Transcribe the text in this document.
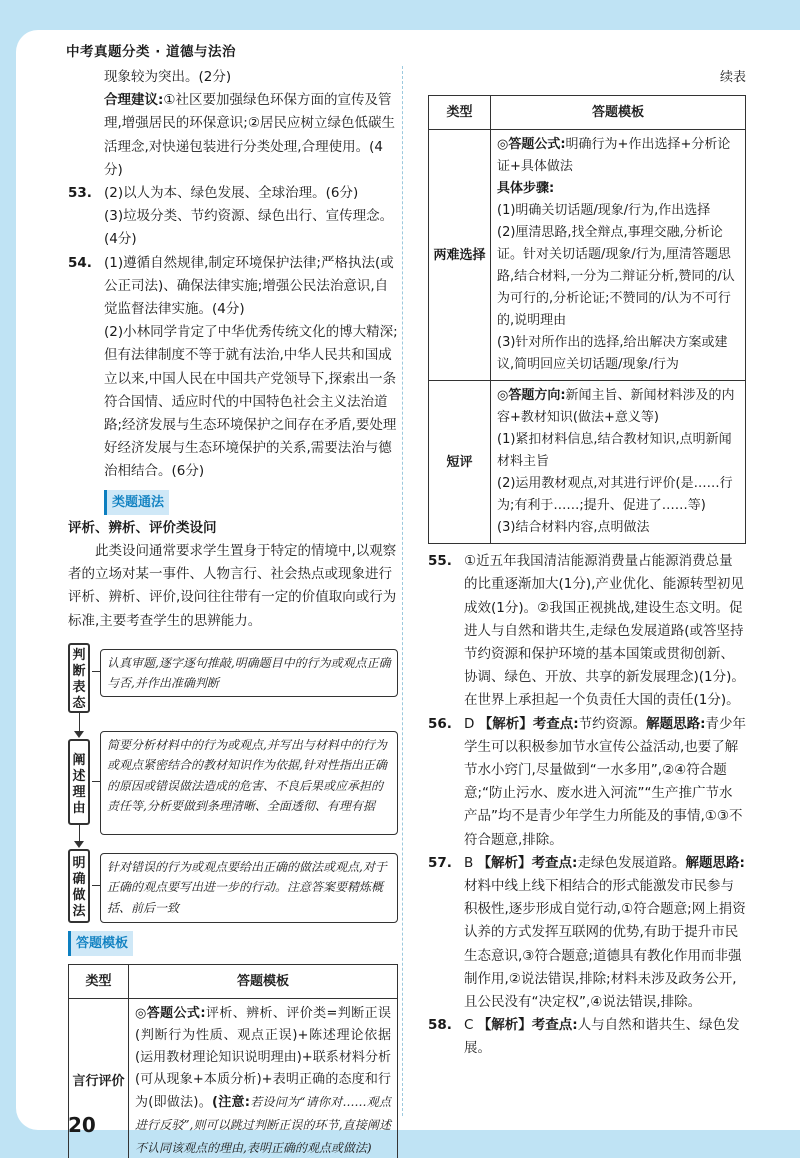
中考真题分类 · 道德与法治
现象较为突出。(2分)
合理建议:①社区要加强绿色环保方面的宣传及管理,增强居民的环保意识;②居民应树立绿色低碳生活理念,对快递包装进行分类处理,合理使用。(4分)
53. (2)以人为本、绿色发展、全球治理。(6分)
(3)垃圾分类、节约资源、绿色出行、宣传理念。(4分)
54. (1)遵循自然规律,制定环境保护法律;严格执法(或公正司法)、确保法律实施;增强公民法治意识,自觉监督法律实施。(4分)
(2)小林同学肯定了中华优秀传统文化的博大精深;但有法律制度不等于就有法治,中华人民共和国成立以来,中国人民在中国共产党领导下,探索出一条符合国情、适应时代的中国特色社会主义法治道路;经济发展与生态环境保护之间存在矛盾,要处理好经济发展与生态环境保护的关系,需要法治与德治相结合。(6分)
类题通法
评析、辨析、评价类设问
此类设问通常要求学生置身于特定的情境中,以观察者的立场对某一事件、人物言行、社会热点或现象进行评析、辨析、评价,设问往往带有一定的价值取向或行为标准,主要考查学生的思辨能力。
判断表态
认真审题,逐字逐句推敲,明确题目中的行为或观点正确与否,并作出准确判断
阐述理由
简要分析材料中的行为或观点,并写出与材料中的行为或观点紧密结合的教材知识作为依据,针对性指出正确的原因或错误做法造成的危害、不良后果或应承担的责任等,分析要做到条理清晰、全面透彻、有理有据
明确做法
针对错误的行为或观点要给出正确的做法或观点,对于正确的观点要写出进一步的行动。注意答案要精炼概括、前后一致
答题模板
类型	答题模板
言行评价	◎答题公式:评析、辨析、评价类=判断正误(判断行为性质、观点正误)+陈述理论依据(运用教材理论知识说明理由)+联系材料分析(可从现象+本质分析)+表明正确的态度和行为(即做法)。(注意:若设问为“请你对……观点进行反驳”,则可以跳过判断正误的环节,直接阐述不认同该观点的理由,表明正确的观点或做法)
续表
类型	答题模板
两难选择	◎答题公式:明确行为+作出选择+分析论证+具体做法
具体步骤:
(1)明确关切话题/现象/行为,作出选择
(2)厘清思路,找全辩点,事理交融,分析论证。针对关切话题/现象/行为,厘清答题思路,结合材料,一分为二辩证分析,赞同的/认为可行的,分析论证;不赞同的/认为不可行的,说明理由
(3)针对所作出的选择,给出解决方案或建议,简明回应关切话题/现象/行为

短评	◎答题方向:新闻主旨、新闻材料涉及的内容+教材知识(做法+意义等)
(1)紧扣材料信息,结合教材知识,点明新闻材料主旨
(2)运用教材观点,对其进行评价(是……行为;有利于……;提升、促进了……等)
(3)结合材料内容,点明做法
55. ①近五年我国清洁能源消费量占能源消费总量的比重逐渐加大(1分),产业优化、能源转型初见成效(1分)。②我国正视挑战,建设生态文明。促进人与自然和谐共生,走绿色发展道路(或答坚持节约资源和保护环境的基本国策或贯彻创新、协调、绿色、开放、共享的新发展理念)(1分)。在世界上承担起一个负责任大国的责任(1分)。
56. D 【解析】考查点:节约资源。解题思路:青少年学生可以积极参加节水宣传公益活动,也要了解节水小窍门,尽量做到“一水多用”,②④符合题意;“防止污水、废水进入河流”“生产推广节水产品”均不是青少年学生力所能及的事情,①③不符合题意,排除。
57. B 【解析】考查点:走绿色发展道路。解题思路:材料中线上线下相结合的形式能激发市民参与积极性,逐步形成自觉行动,①符合题意;网上捐资认养的方式发挥互联网的优势,有助于提升市民生态意识,③符合题意;道德具有教化作用而非强制作用,②说法错误,排除;材料未涉及政务公开,且公民没有“决定权”,④说法错误,排除。
58. C 【解析】考查点:人与自然和谐共生、绿色发展。
20
